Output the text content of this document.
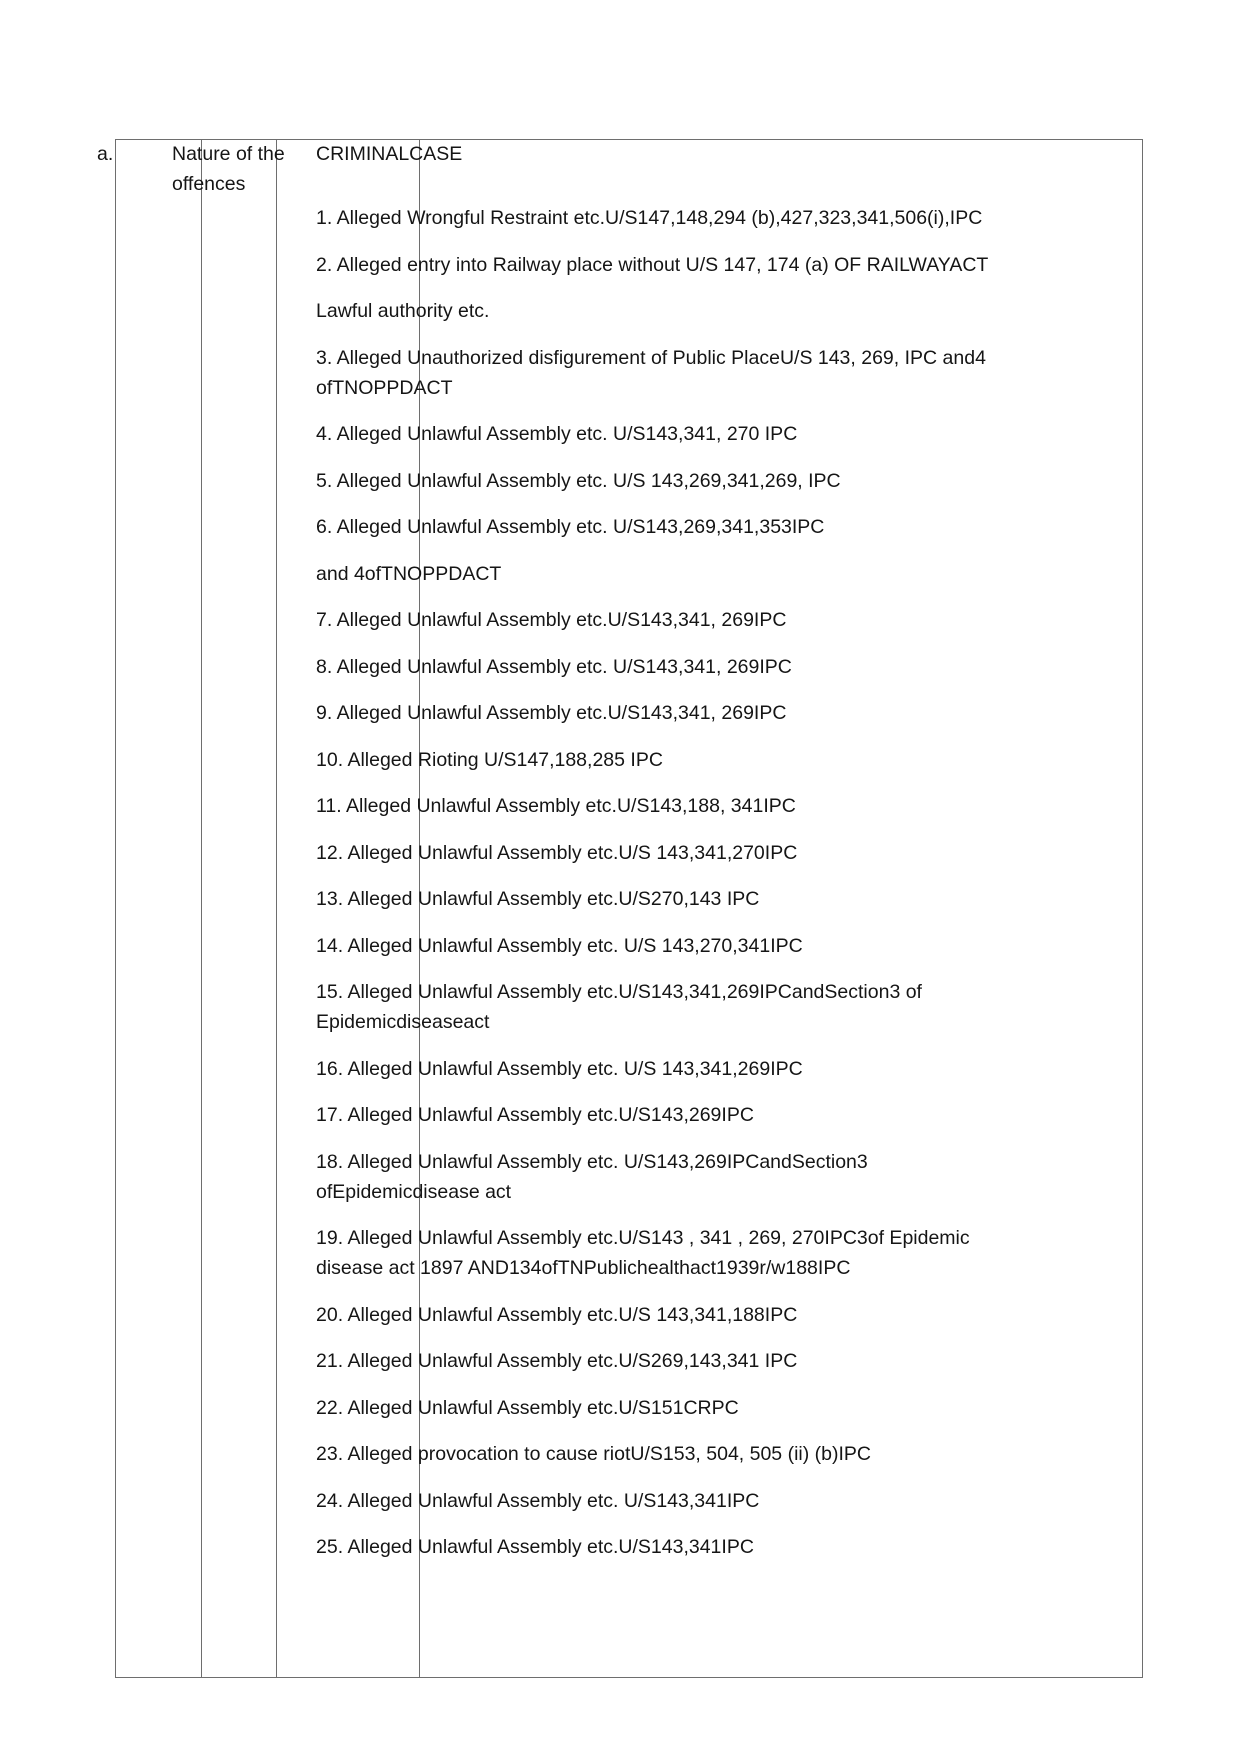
a.	Nature of the offences
CRIMINALCASE
1. Alleged Wrongful Restraint etc.U/S147,148,294 (b),427,323,341,506(i),IPC
2. Alleged entry into Railway place without U/S 147, 174 (a) OF RAILWAYACT
Lawful authority etc.
3. Alleged Unauthorized disfigurement of Public PlaceU/S 143, 269, IPC and4 ofTNOPPDACT
4. Alleged Unlawful Assembly etc. U/S143,341, 270 IPC
5. Alleged Unlawful Assembly etc. U/S 143,269,341,269, IPC
6. Alleged Unlawful Assembly etc. U/S143,269,341,353IPC
and 4ofTNOPPDACT
7. Alleged Unlawful Assembly etc.U/S143,341, 269IPC
8. Alleged Unlawful Assembly etc. U/S143,341, 269IPC
9. Alleged Unlawful Assembly etc.U/S143,341, 269IPC
10. Alleged Rioting U/S147,188,285 IPC
11. Alleged Unlawful Assembly etc.U/S143,188, 341IPC
12. Alleged Unlawful Assembly etc.U/S 143,341,270IPC
13. Alleged Unlawful Assembly etc.U/S270,143 IPC
14. Alleged Unlawful Assembly etc. U/S 143,270,341IPC
15. Alleged Unlawful Assembly etc.U/S143,341,269IPCandSection3 of Epidemicdiseaseact
16. Alleged Unlawful Assembly etc. U/S 143,341,269IPC
17. Alleged Unlawful Assembly etc.U/S143,269IPC
18. Alleged Unlawful Assembly etc. U/S143,269IPCandSection3 ofEpidemicdisease act
19. Alleged Unlawful Assembly etc.U/S143 , 341 , 269, 270IPC3of Epidemic disease act 1897 AND134ofTNPublichealthact1939r/w188IPC
20. Alleged Unlawful Assembly etc.U/S 143,341,188IPC
21. Alleged Unlawful Assembly etc.U/S269,143,341 IPC
22. Alleged Unlawful Assembly etc.U/S151CRPC
23. Alleged provocation to cause riotU/S153, 504, 505 (ii) (b)IPC
24. Alleged Unlawful Assembly etc. U/S143,341IPC
25. Alleged Unlawful Assembly etc.U/S143,341IPC
